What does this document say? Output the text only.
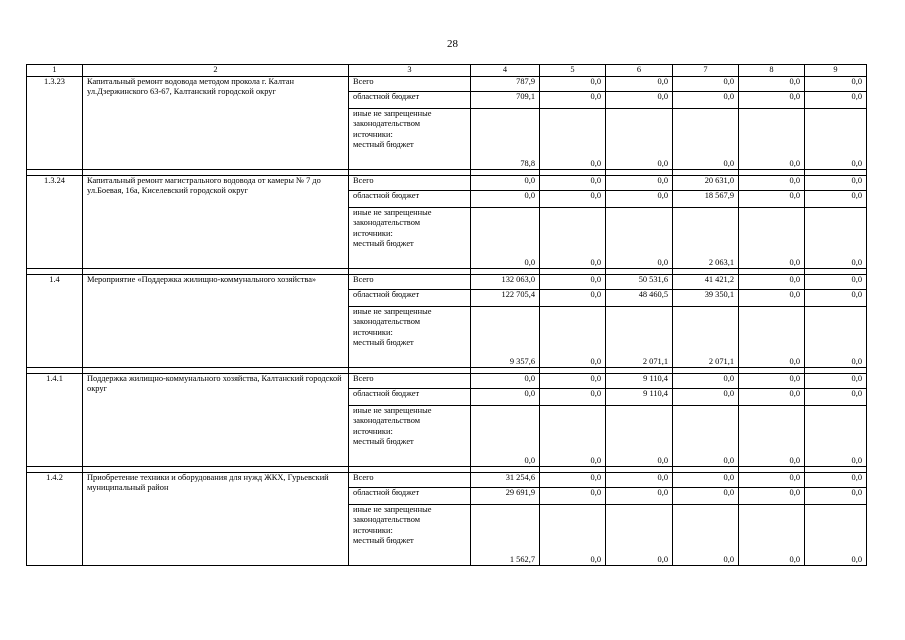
28
1	2	3	4	5	6	7	8	9
1.3.23	Капитальный ремонт водовода методом прокола г. Калтан ул.Дзержинского 63-67, Калтанский городской округ	Всего	787,9	0,0	0,0	0,0	0,0	0,0
		областной бюджет	709,1	0,0	0,0	0,0	0,0	0,0

		иные не запрещенные
законодательством
источники:
местный бюджет	78,8	0,0	0,0	0,0	0,0	0,0

1.3.24	Капитальный ремонт магистрального водовода от камеры № 7 до ул.Боевая, 16а, Киселевский городской округ	Всего	0,0	0,0	0,0	20 631,0	0,0	0,0
		областной бюджет	0,0	0,0	0,0	18 567,9	0,0	0,0

		иные не запрещенные
законодательством
источники:
местный бюджет	0,0	0,0	0,0	2 063,1	0,0	0,0

1.4	Мероприятие «Поддержка жилищно-коммунального хозяйства»	Всего	132 063,0	0,0	50 531,6	41 421,2	0,0	0,0
		областной бюджет	122 705,4	0,0	48 460,5	39 350,1	0,0	0,0

		иные не запрещенные
законодательством
источники:
местный бюджет	9 357,6	0,0	2 071,1	2 071,1	0,0	0,0

1.4.1	Поддержка жилищно-коммунального хозяйства, Калтанский городской округ	Всего	0,0	0,0	9 110,4	0,0	0,0	0,0
		областной бюджет	0,0	0,0	9 110,4	0,0	0,0	0,0

		иные не запрещенные
законодательством
источники:
местный бюджет	0,0	0,0	0,0	0,0	0,0	0,0

1.4.2	Приобретение техники и оборудования для нужд ЖКХ, Гурьевский муниципальный район	Всего	31 254,6	0,0	0,0	0,0	0,0	0,0
		областной бюджет	29 691,9	0,0	0,0	0,0	0,0	0,0

		иные не запрещенные
законодательством
источники:
местный бюджет	1 562,7	0,0	0,0	0,0	0,0	0,0
